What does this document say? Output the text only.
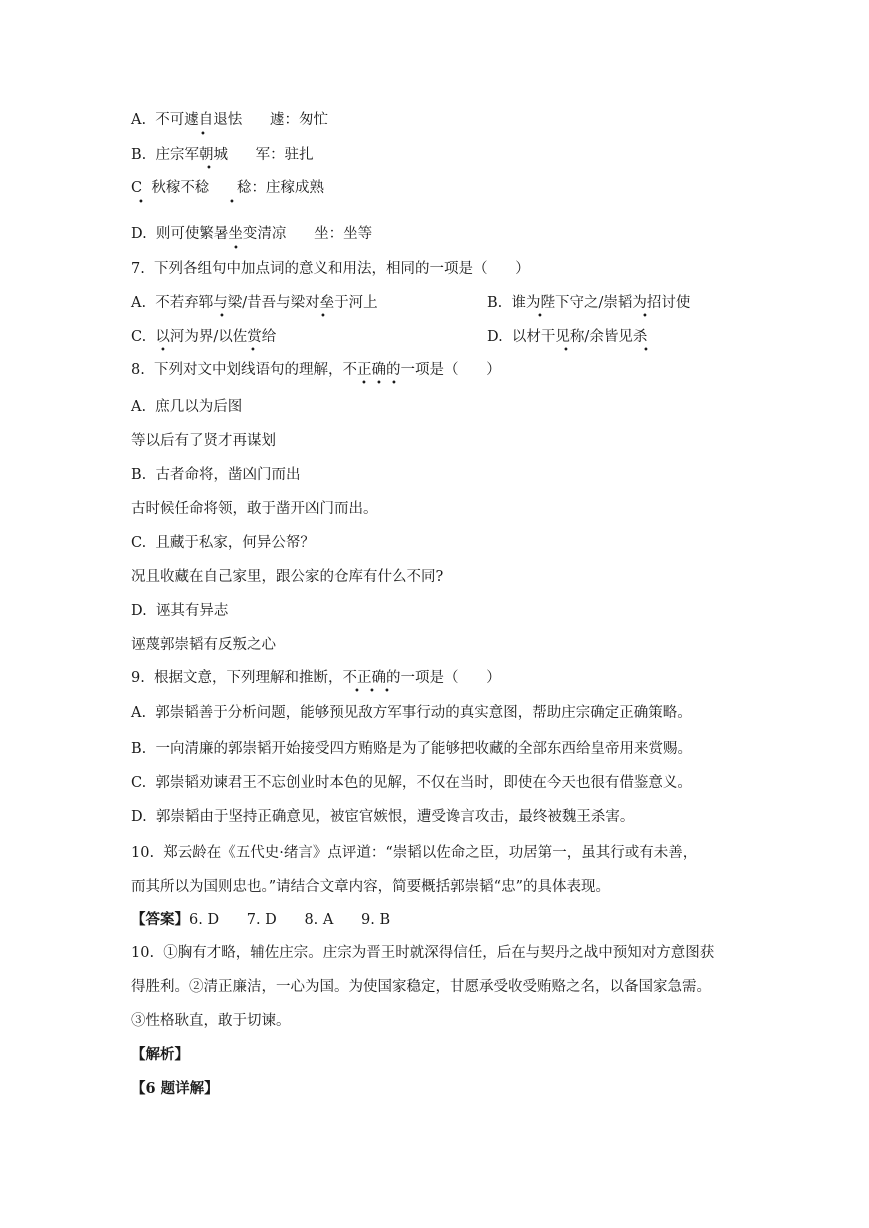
A.  不可遽自退怯      遽：匆忙
B.  庄宗军朝城      军：驻扎
C  秋稼不稔      稔：庄稼成熟
D.  则可使繁暑坐变清凉      坐：坐等
•
•
•	•
•
7.  下列各组句中加点词的意义和用法，相同的一项是（      ）
A.  不若弃郓与梁/昔吾与梁对垒于河上	B.  谁为陛下守之/崇韬为招讨使
C.  以河为界/以佐赏给	D.  以材干见称/余皆见杀
•	•	•	•
•	•	•	•
8.  下列对文中划线语句的理解，不正确的一项是（      ）
• • •
A.  庶几以为后图
等以后有了贤才再谋划
B.  古者命将，凿凶门而出
古时候任命将领，敢于凿开凶门而出。
C.  且藏于私家，何异公帑？
况且收藏在自己家里，跟公家的仓库有什么不同?
D.  诬其有异志
诬蔑郭崇韬有反叛之心
9.  根据文意，下列理解和推断，不正确的一项是（      ）
• • •
A.  郭崇韬善于分析问题，能够预见敌方军事行动的真实意图，帮助庄宗确定正确策略。
B.  一向清廉的郭崇韬开始接受四方贿赂是为了能够把收藏的全部东西给皇帝用来赏赐。
C.  郭崇韬劝谏君王不忘创业时本色的见解，不仅在当时，即使在今天也很有借鉴意义。
D.  郭崇韬由于坚持正确意见，被宦官嫉恨，遭受谗言攻击，最终被魏王杀害。
10.  郑云龄在《五代史·绪言》点评道：“崇韬以佐命之臣，功居第一，虽其行或有未善，
而其所以为国则忠也。”请结合文章内容，简要概括郭崇韬“忠”的具体表现。
【答案】6. D      7. D      8. A      9. B
10.  ①胸有才略，辅佐庄宗。庄宗为晋王时就深得信任，后在与契丹之战中预知对方意图获
得胜利。②清正廉洁，一心为国。为使国家稳定，甘愿承受收受贿赂之名，以备国家急需。
③性格耿直，敢于切谏。
【解析】
【6 题详解】
